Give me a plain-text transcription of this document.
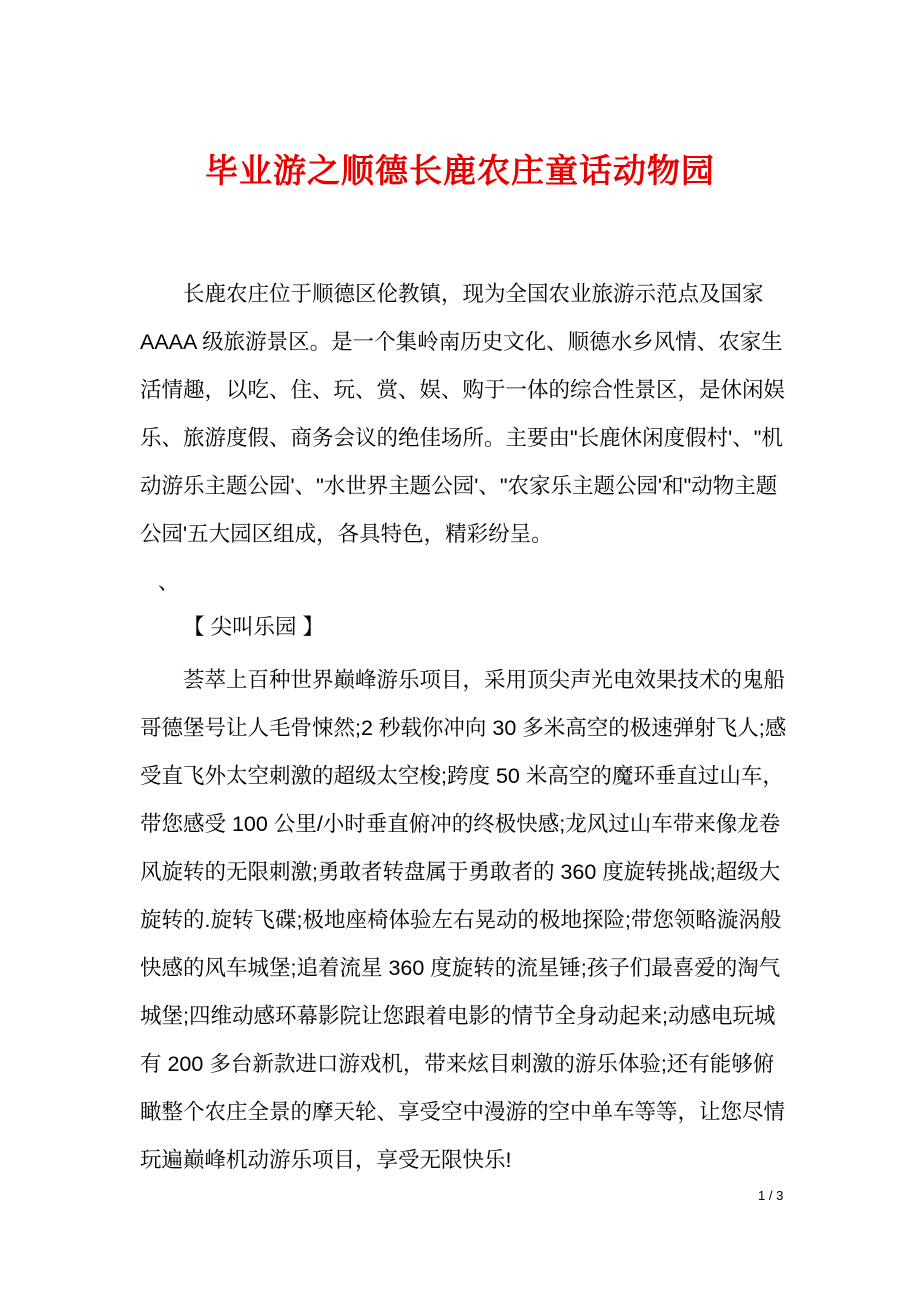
毕业游之顺德长鹿农庄童话动物园
长鹿农庄位于顺德区伦教镇，现为全国农业旅游示范点及国家
AAAA 级旅游景区。是一个集岭南历史文化、顺德水乡风情、农家生
活情趣，以吃、住、玩、赏、娱、购于一体的综合性景区，是休闲娱
乐、旅游度假、商务会议的绝佳场所。主要由"长鹿休闲度假村'、"机
动游乐主题公园'、"水世界主题公园'、"农家乐主题公园'和"动物主题
公园'五大园区组成，各具特色，精彩纷呈。
、
【 尖叫乐园 】
荟萃上百种世界巅峰游乐项目，采用顶尖声光电效果技术的鬼船
哥德堡号让人毛骨悚然;2 秒载你冲向 30 多米高空的极速弹射飞人;感
受直飞外太空刺激的超级太空梭;跨度 50 米高空的魔环垂直过山车，
带您感受 100 公里/小时垂直俯冲的终极快感;龙风过山车带来像龙卷
风旋转的无限刺激;勇敢者转盘属于勇敢者的 360 度旋转挑战;超级大
旋转的.旋转飞碟;极地座椅体验左右晃动的极地探险;带您领略漩涡般
快感的风车城堡;追着流星 360 度旋转的流星锤;孩子们最喜爱的淘气
城堡;四维动感环幕影院让您跟着电影的情节全身动起来;动感电玩城
有 200 多台新款进口游戏机，带来炫目刺激的游乐体验;还有能够俯
瞰整个农庄全景的摩天轮、享受空中漫游的空中单车等等，让您尽情
玩遍巅峰机动游乐项目，享受无限快乐!
1 / 3
